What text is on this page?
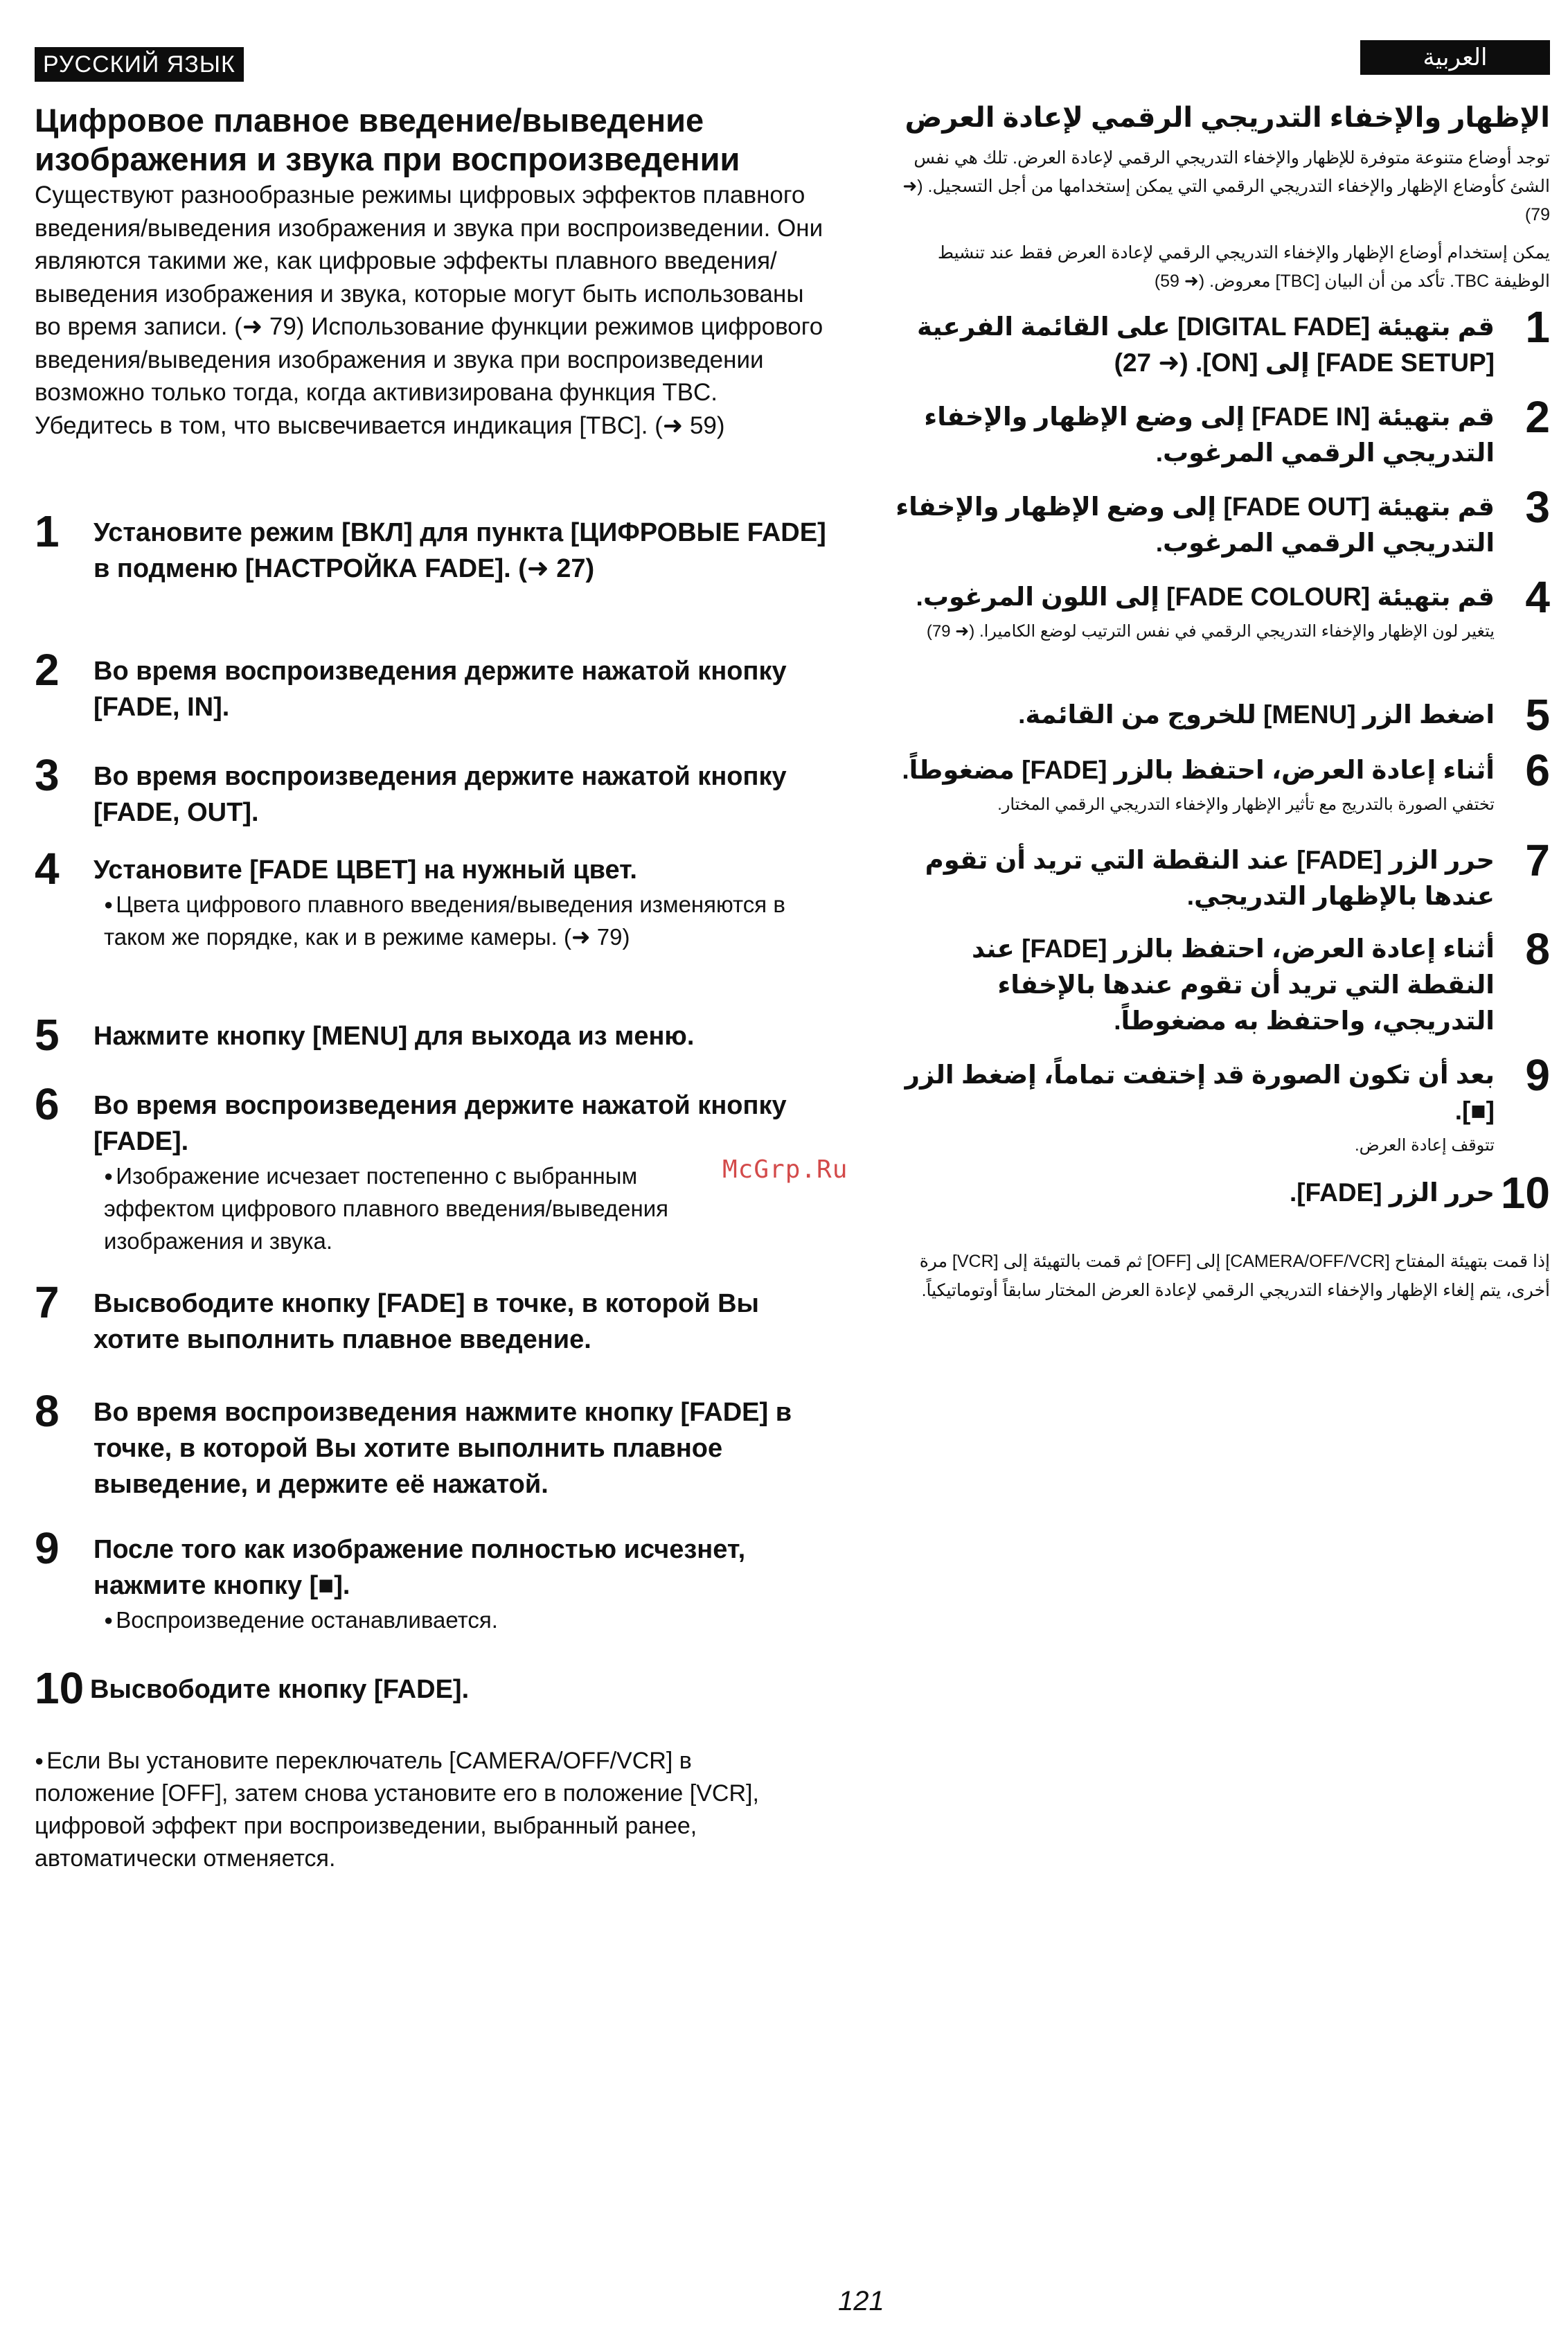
РУССКИЙ ЯЗЫК
Цифровое плавное введение/выведение изображения и звука при воспроизведении
Существуют разнообразные режимы цифровых эффектов плавного введения/выведения изображения и звука при воспроизведении. Они являются такими же, как цифровые эффекты плавного введения/выведения изображения и звука, которые могут быть использованы во время записи. (➜ 79) Использование функции режимов цифрового введения/выведения изображения и звука при воспроизведении возможно только тогда, когда активизирована функция TBC. Убедитесь в том, что высвечивается индикация [TBC]. (➜ 59)
1 Установите режим [ВКЛ] для пункта [ЦИФРОВЫЕ FADE] в подменю [НАСТРОЙКА FADE]. (➜ 27)
2 Во время воспроизведения держите нажатой кнопку [FADE, IN].
3 Во время воспроизведения держите нажатой кнопку [FADE, OUT].
4 Установите [FADE ЦВЕТ] на нужный цвет.
● Цвета цифрового плавного введения/выведения изменяются в таком же порядке, как и в режиме камеры. (➜ 79)
5 Нажмите кнопку [MENU] для выхода из меню.
6 Во время воспроизведения держите нажатой кнопку [FADE].
● Изображение исчезает постепенно с выбранным эффектом цифрового плавного введения/выведения изображения и звука.
7 Высвободите кнопку [FADE] в точке, в которой Вы хотите выполнить плавное введение.
8 Во время воспроизведения нажмите кнопку [FADE] в точке, в которой Вы хотите выполнить плавное выведение, и держите её нажатой.
9 После того как изображение полностью исчезнет, нажмите кнопку [■].
● Воспроизведение останавливается.
10 Высвободите кнопку [FADE].
● Если Вы установите переключатель [CAMERA/OFF/VCR] в положение [OFF], затем снова установите его в положение [VCR], цифровой эффект при воспроизведении, выбранный ранее, автоматически отменяется.
العربية
الإظهار والإخفاء التدريجي الرقمي لإعادة العرض
توجد أوضاع متنوعة متوفرة للإظهار والإخفاء التدريجي الرقمي لإعادة العرض. تلك هي نفس الشئ كأوضاع الإظهار والإخفاء التدريجي الرقمي التي يمكن إستخدامها من أجل التسجيل. (➜ 79)
يمكن إستخدام أوضاع الإظهار والإخفاء التدريجي الرقمي لإعادة العرض فقط عند تنشيط الوظيفة TBC. تأكد من أن البيان [TBC] معروض. (➜ 59)
1
قم بتهيئة [DIGITAL FADE] على القائمة الفرعية [FADE SETUP] إلى [ON]. (➜ 27)
2
قم بتهيئة [FADE IN] إلى وضع الإظهار والإخفاء التدريجي الرقمي المرغوب.
3
قم بتهيئة [FADE OUT] إلى وضع الإظهار والإخفاء التدريجي الرقمي المرغوب.
4
قم بتهيئة [FADE COLOUR] إلى اللون المرغوب.
يتغير لون الإظهار والإخفاء التدريجي الرقمي في نفس الترتيب لوضع الكاميرا. (➜ 79)
5
اضغط الزر [MENU] للخروج من القائمة.
6
أثناء إعادة العرض، احتفظ بالزر [FADE] مضغوطاً.
تختفي الصورة بالتدريج مع تأثير الإظهار والإخفاء التدريجي الرقمي المختار.
7
حرر الزر [FADE] عند النقطة التي تريد أن تقوم عندها بالإظهار التدريجي.
8
أثناء إعادة العرض، احتفظ بالزر [FADE] عند النقطة التي تريد أن تقوم عندها بالإخفاء التدريجي، واحتفظ به مضغوطاً.
9
بعد أن تكون الصورة قد إختفت تماماً، إضغط الزر [■].
تتوقف إعادة العرض.
10
حرر الزر [FADE].
إذا قمت بتهيئة المفتاح [CAMERA/OFF/VCR] إلى [OFF] ثم قمت بالتهيئة إلى [VCR] مرة أخرى، يتم إلغاء الإظهار والإخفاء التدريجي الرقمي لإعادة العرض المختار سابقاً أوتوماتيكياً.
McGrp.Ru
121
